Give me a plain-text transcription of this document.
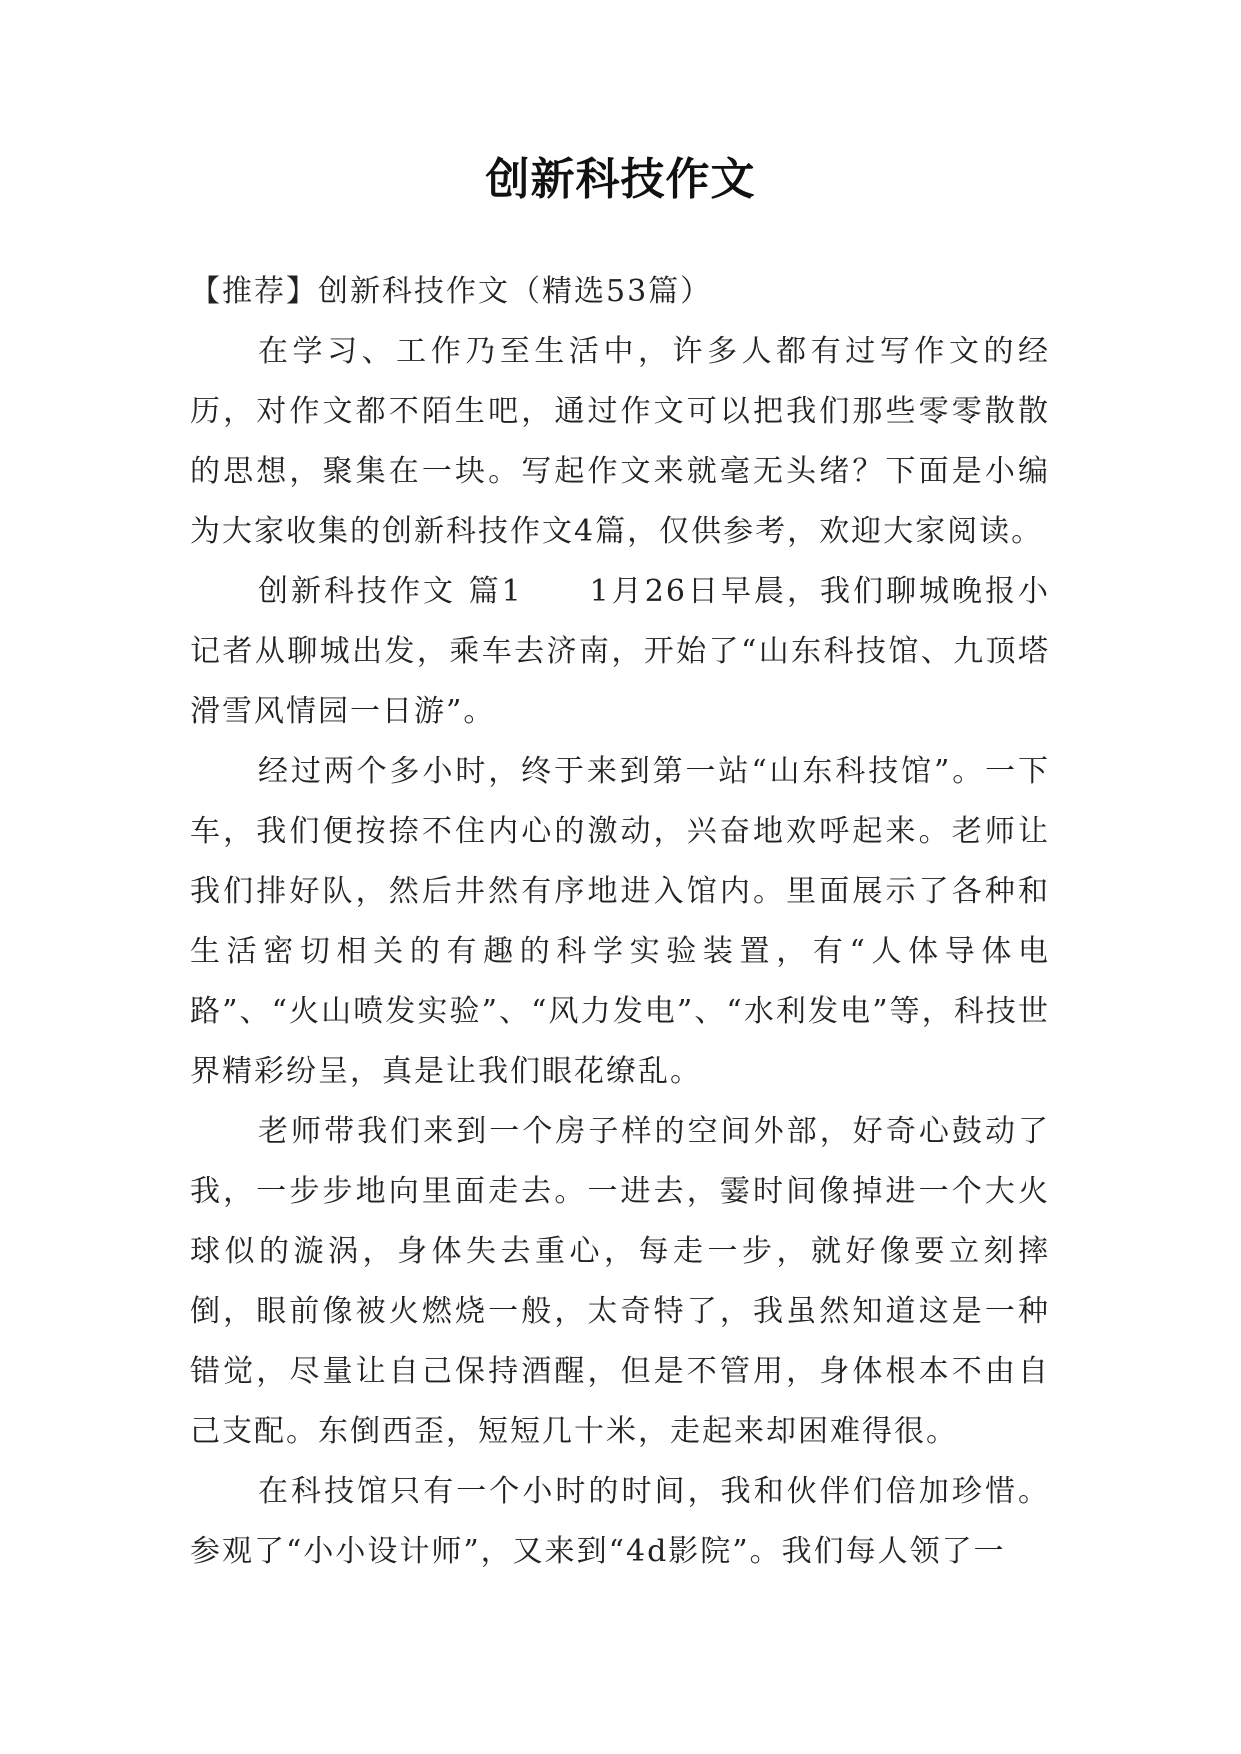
创新科技作文

【推荐】创新科技作文（精选53篇）

在学习、工作乃至生活中，许多人都有过写作文的经历，对作文都不陌生吧，通过作文可以把我们那些零零散散的思想，聚集在一块。写起作文来就毫无头绪？下面是小编为大家收集的创新科技作文4篇，仅供参考，欢迎大家阅读。

创新科技作文 篇1　　1月26日早晨，我们聊城晚报小记者从聊城出发，乘车去济南，开始了“山东科技馆、九顶塔滑雪风情园一日游”。

经过两个多小时，终于来到第一站“山东科技馆”。一下车，我们便按捺不住内心的激动，兴奋地欢呼起来。老师让我们排好队，然后井然有序地进入馆内。里面展示了各种和生活密切相关的有趣的科学实验装置，有“人体导体电路”、“火山喷发实验”、“风力发电”、“水利发电”等，科技世界精彩纷呈，真是让我们眼花缭乱。

老师带我们来到一个房子样的空间外部，好奇心鼓动了我，一步步地向里面走去。一进去，霎时间像掉进一个大火球似的漩涡，身体失去重心，每走一步，就好像要立刻摔倒，眼前像被火燃烧一般，太奇特了，我虽然知道这是一种错觉，尽量让自己保持酒醒，但是不管用，身体根本不由自己支配。东倒西歪，短短几十米，走起来却困难得很。

在科技馆只有一个小时的时间，我和伙伴们倍加珍惜。参观了“小小设计师”，又来到“4d影院”。我们每人领了一
